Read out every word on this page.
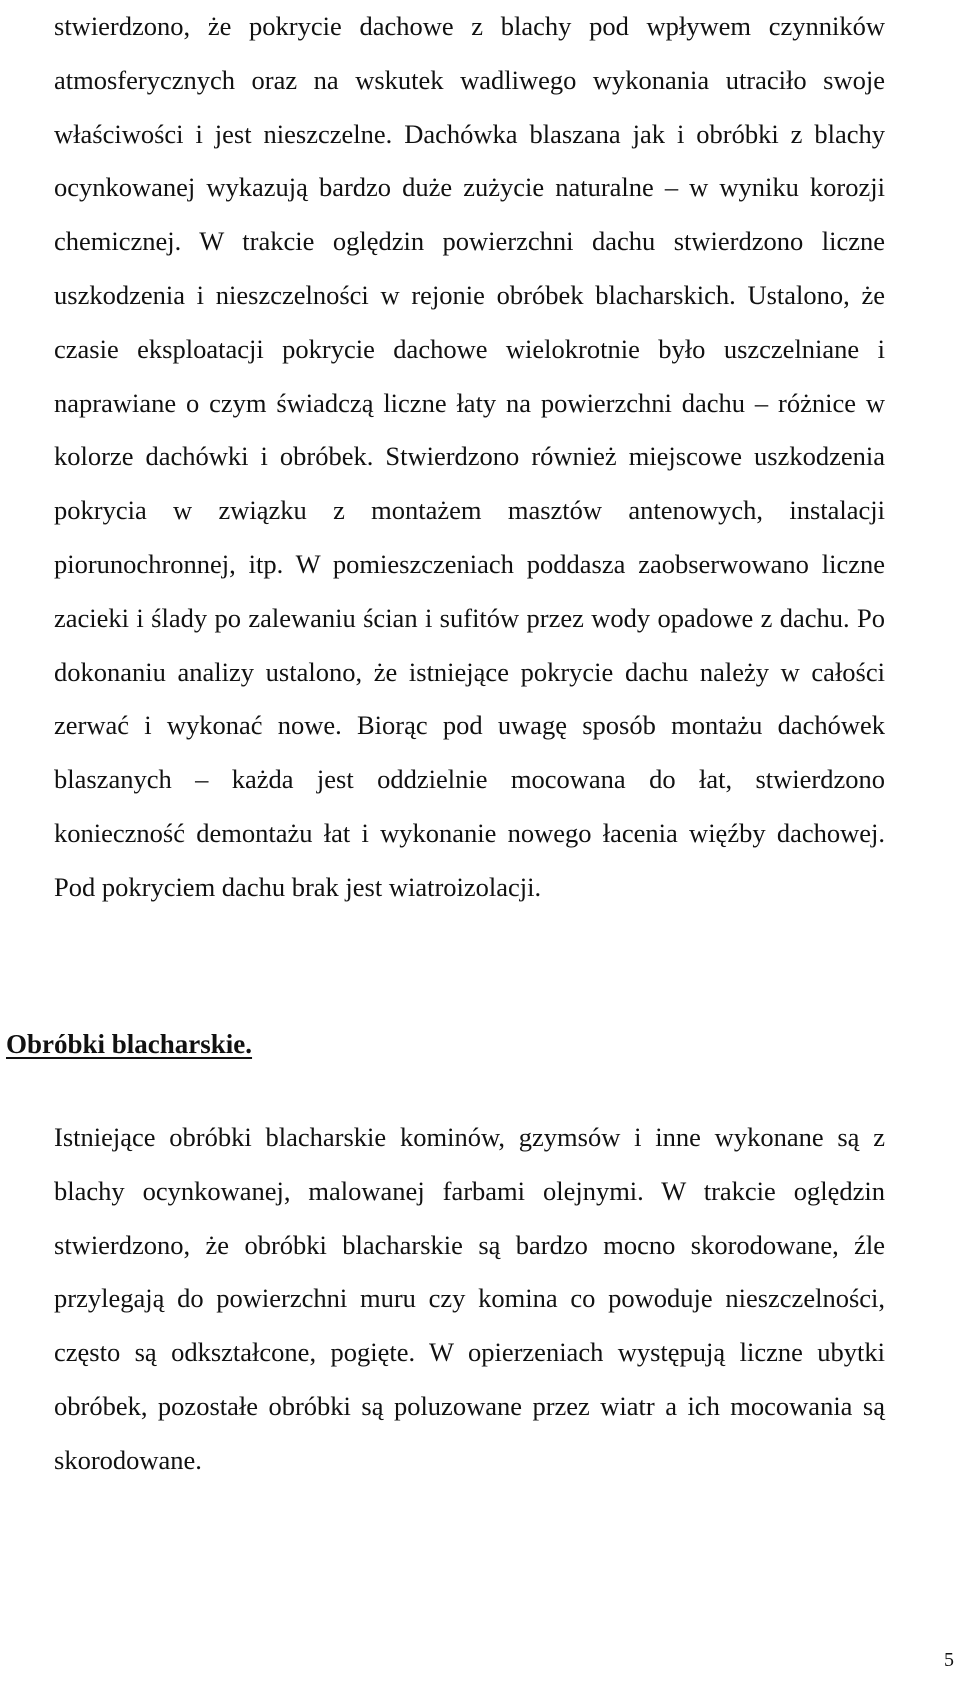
stwierdzono, że pokrycie dachowe z blachy pod wpływem czynników atmosferycznych oraz na wskutek wadliwego wykonania utraciło swoje właściwości i jest nieszczelne. Dachówka blaszana jak i obróbki z blachy ocynkowanej wykazują bardzo duże zużycie naturalne – w wyniku korozji chemicznej. W trakcie oględzin powierzchni dachu stwierdzono liczne uszkodzenia i nieszczelności w rejonie obróbek blacharskich. Ustalono, że czasie eksploatacji pokrycie dachowe wielokrotnie było uszczelniane i naprawiane o czym świadczą liczne łaty na powierzchni dachu – różnice w kolorze dachówki i obróbek. Stwierdzono również miejscowe uszkodzenia pokrycia w związku z montażem masztów antenowych, instalacji piorunochronnej, itp. W pomieszczeniach poddasza zaobserwowano liczne zacieki i ślady po zalewaniu ścian i sufitów przez wody opadowe z dachu. Po dokonaniu analizy ustalono, że istniejące pokrycie dachu należy w całości zerwać i wykonać nowe. Biorąc pod uwagę sposób montażu dachówek blaszanych – każda jest oddzielnie mocowana do łat, stwierdzono konieczność demontażu łat i wykonanie nowego łacenia więźby dachowej. Pod pokryciem dachu brak jest wiatroizolacji.

Obróbki blacharskie.

Istniejące obróbki blacharskie kominów, gzymsów i inne wykonane są z blachy ocynkowanej, malowanej farbami olejnymi. W trakcie oględzin stwierdzono, że obróbki blacharskie są bardzo mocno skorodowane, źle przylegają do powierzchni muru czy komina co powoduje nieszczelności, często są odkształcone, pogięte. W opierzeniach występują liczne ubytki obróbek, pozostałe obróbki są poluzowane przez wiatr a ich mocowania są skorodowane.

5
